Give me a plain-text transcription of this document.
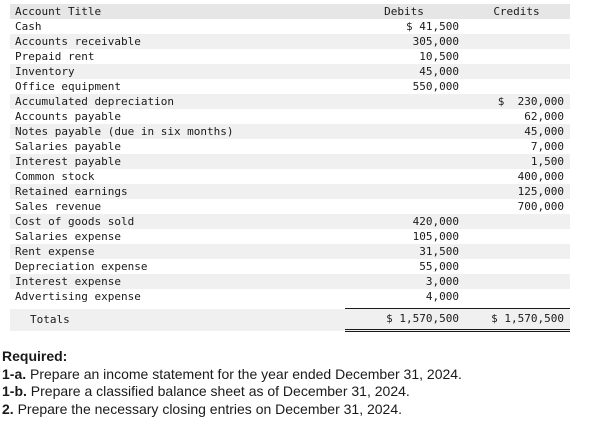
Account Title	Debits	Credits
Cash	$ 41,500	
Accounts receivable	305,000	
Prepaid rent	10,500	
Inventory	45,000	
Office equipment	550,000	
Accumulated depreciation		$  230,000
Accounts payable		62,000
Notes payable (due in six months)		45,000
Salaries payable		7,000
Interest payable		1,500
Common stock		400,000
Retained earnings		125,000
Sales revenue		700,000
Cost of goods sold	420,000	
Salaries expense	105,000	
Rent expense	31,500	
Depreciation expense	55,000	
Interest expense	3,000	
Advertising expense	4,000	

Totals	$ 1,570,500	$ 1,570,500
Required:
1-a. Prepare an income statement for the year ended December 31, 2024.
1-b. Prepare a classified balance sheet as of December 31, 2024.
2. Prepare the necessary closing entries on December 31, 2024.
